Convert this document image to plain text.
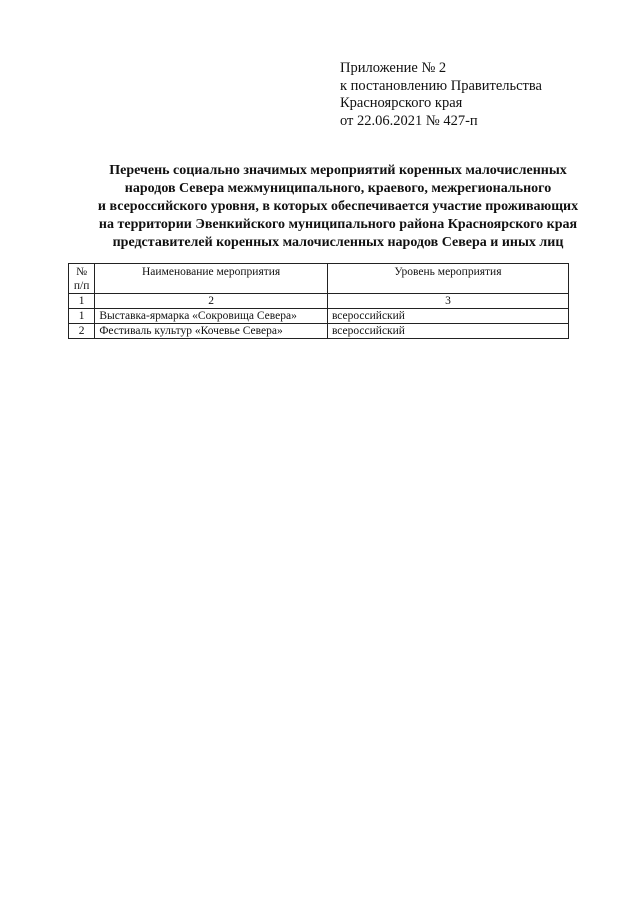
Приложение № 2
к постановлению Правительства
Красноярского края
от 22.06.2021 № 427-п
Перечень социально значимых мероприятий коренных малочисленных
народов Севера межмуниципального, краевого, межрегионального
и всероссийского уровня, в которых обеспечивается участие проживающих
на территории Эвенкийского муниципального района Красноярского края
представителей коренных малочисленных народов Севера и иных лиц
№
п/п	Наименование мероприятия	Уровень мероприятия
1	2	3
1	Выставка-ярмарка «Сокровища Севера»	всероссийский
2	Фестиваль культур «Кочевье Севера»	всероссийский
